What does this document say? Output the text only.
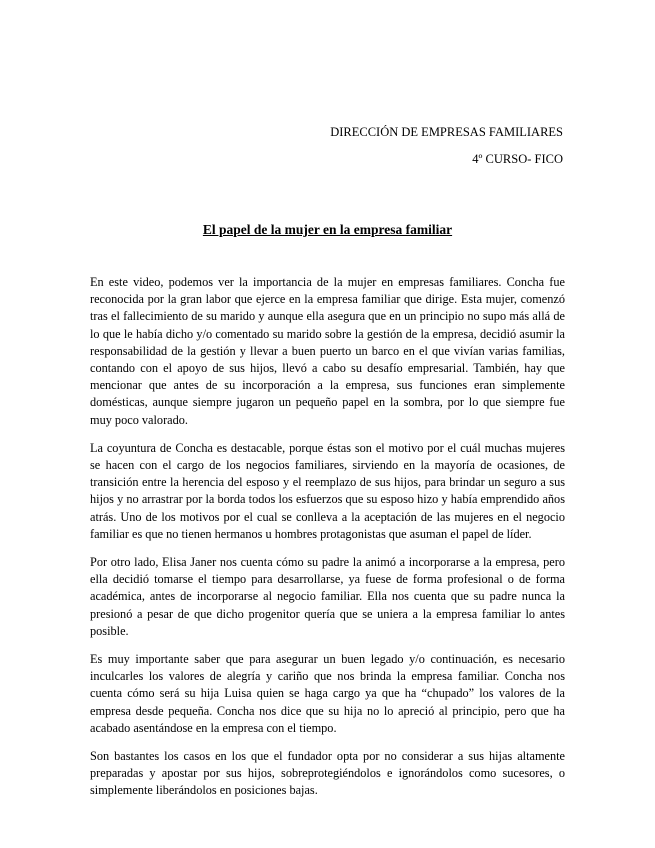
DIRECCIÓN DE EMPRESAS FAMILIARES
4º CURSO- FICO
El papel de la mujer en la empresa familiar

En este video, podemos ver la importancia de la mujer en empresas familiares. Concha fue reconocida por la gran labor que ejerce en la empresa familiar que dirige. Esta mujer, comenzó tras el fallecimiento de su marido y aunque ella asegura que en un principio no supo más allá de lo que le había dicho y/o comentado su marido sobre la gestión de la empresa, decidió asumir la responsabilidad de la gestión y llevar a buen puerto un barco en el que vivían varias familias, contando con el apoyo de sus hijos, llevó a cabo su desafío empresarial. También, hay que mencionar que antes de su incorporación a la empresa, sus funciones eran simplemente domésticas, aunque siempre jugaron un pequeño papel en la sombra, por lo que siempre fue muy poco valorado.

La coyuntura de Concha es destacable, porque éstas son el motivo por el cuál muchas mujeres se hacen con el cargo de los negocios familiares, sirviendo en la mayoría de ocasiones, de transición entre la herencia del esposo y el reemplazo de sus hijos, para brindar un seguro a sus hijos y no arrastrar por la borda todos los esfuerzos que su esposo hizo y había emprendido años atrás. Uno de los motivos por el cual se conlleva a la aceptación de las mujeres en el negocio familiar es que no tienen hermanos u hombres protagonistas que asuman el papel de líder.

Por otro lado, Elisa Janer nos cuenta cómo su padre la animó a incorporarse a la empresa, pero ella decidió tomarse el tiempo para desarrollarse, ya fuese de forma profesional o de forma académica, antes de incorporarse al negocio familiar. Ella nos cuenta que su padre nunca la presionó a pesar de que dicho progenitor quería que se uniera a la empresa familiar lo antes posible.

Es muy importante saber que para asegurar un buen legado y/o continuación, es necesario inculcarles los valores de alegría y cariño que nos brinda la empresa familiar. Concha nos cuenta cómo será su hija Luisa quien se haga cargo ya que ha “chupado” los valores de la empresa desde pequeña. Concha nos dice que su hija no lo apreció al principio, pero que ha acabado asentándose en la empresa con el tiempo.

Son bastantes los casos en los que el fundador opta por no considerar a sus hijas altamente preparadas y apostar por sus hijos, sobreprotegiéndolos e ignorándolos como sucesores, o simplemente liberándolos en posiciones bajas.
